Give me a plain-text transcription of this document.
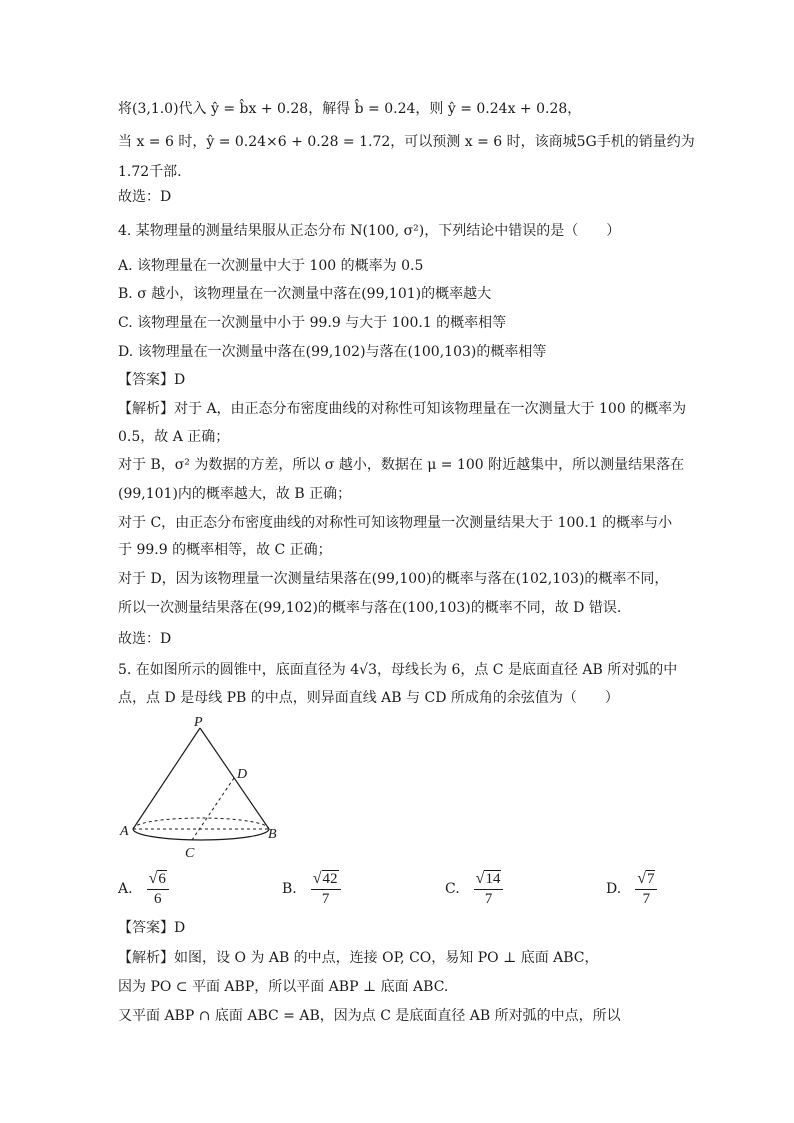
将(3,1.0)代入 ŷ = b̂x + 0.28，解得 b̂ = 0.24，则 ŷ = 0.24x + 0.28，
当 x = 6 时，ŷ = 0.24×6 + 0.28 = 1.72，可以预测 x = 6 时，该商城5G手机的销量约为
1.72千部.
故选：D
4. 某物理量的测量结果服从正态分布 N(100, σ²)，下列结论中错误的是（　　）
A. 该物理量在一次测量中大于 100 的概率为 0.5
B. σ 越小，该物理量在一次测量中落在(99,101)的概率越大
C. 该物理量在一次测量中小于 99.9 与大于 100.1 的概率相等
D. 该物理量在一次测量中落在(99,102)与落在(100,103)的概率相等
【答案】D
【解析】对于 A，由正态分布密度曲线的对称性可知该物理量在一次测量大于 100 的概率为
0.5，故 A 正确；
对于 B，σ² 为数据的方差，所以 σ 越小，数据在 μ = 100 附近越集中，所以测量结果落在
(99,101)内的概率越大，故 B 正确；
对于 C，由正态分布密度曲线的对称性可知该物理量一次测量结果大于 100.1 的概率与小
于 99.9 的概率相等，故 C 正确；
对于 D，因为该物理量一次测量结果落在(99,100)的概率与落在(102,103)的概率不同，
所以一次测量结果落在(99,102)的概率与落在(100,103)的概率不同，故 D 错误.
故选：D
5. 在如图所示的圆锥中，底面直径为 4√3，母线长为 6，点 C 是底面直径 AB 所对弧的中
点，点 D 是母线 PB 的中点，则异面直线 AB 与 CD 所成角的余弦值为（　　）
P
D
A	B
C
A. $\frac{√ 6}{6}$	B. $\frac{√ 42}{7}$	C. $\frac{√ 14}{7}$	D. $\frac{√ 7}{7}$
【答案】D
【解析】如图，设 O 为 AB 的中点，连接 OP, CO，易知 PO ⊥ 底面 ABC，
因为 PO ⊂ 平面 ABP，所以平面 ABP ⊥ 底面 ABC.
又平面 ABP ∩ 底面 ABC = AB，因为点 C 是底面直径 AB 所对弧的中点，所以
